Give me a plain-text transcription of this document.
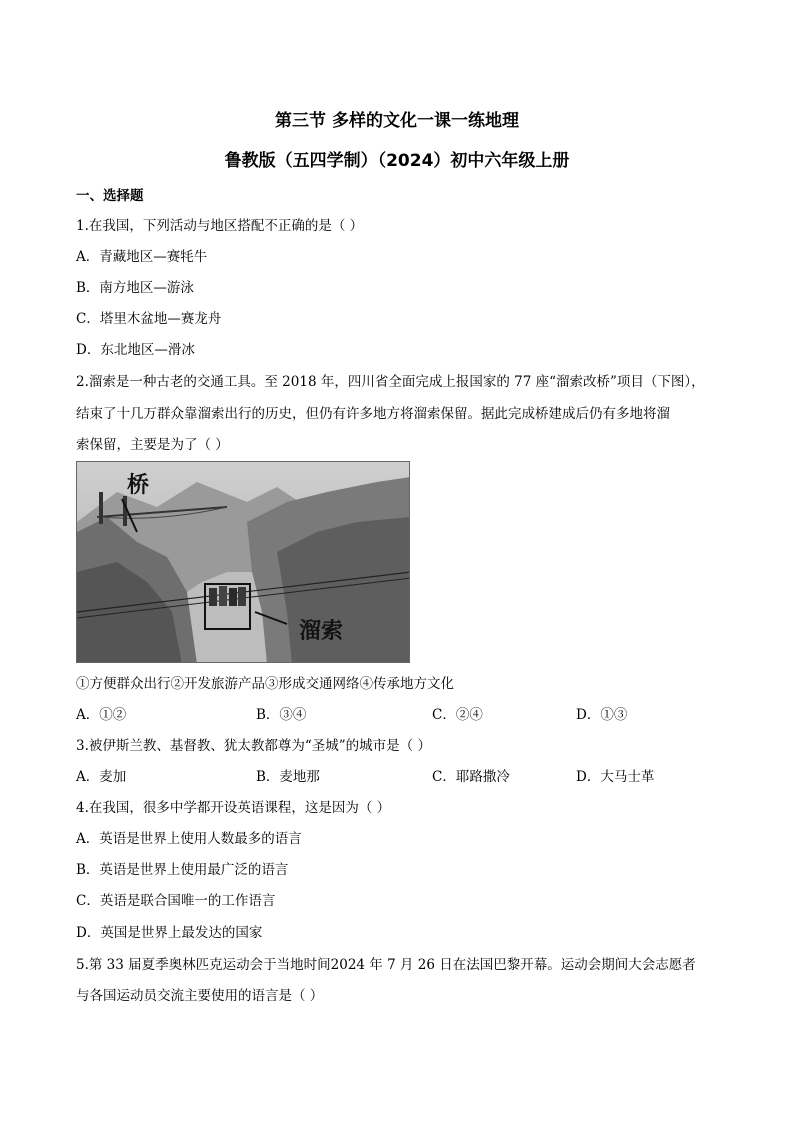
第三节 多样的文化一课一练地理
鲁教版（五四学制）（2024）初中六年级上册
一、选择题
1.在我国，下列活动与地区搭配不正确的是（ ）
A．青藏地区—赛牦牛
B．南方地区—游泳
C．塔里木盆地—赛龙舟
D．东北地区—滑冰
2.溜索是一种古老的交通工具。至 2018 年，四川省全面完成上报国家的 77 座“溜索改桥”项目（下图），
结束了十几万群众靠溜索出行的历史，但仍有许多地方将溜索保留。据此完成桥建成后仍有多地将溜
索保留，主要是为了（ ）
桥
溜索
①方便群众出行②开发旅游产品③形成交通网络④传承地方文化
A．①②	B．③④	C．②④	D．①③
3.被伊斯兰教、基督教、犹太教都尊为“圣城”的城市是（ ）
A．麦加	B．麦地那	C．耶路撒冷	D．大马士革
4.在我国，很多中学都开设英语课程，这是因为（ ）
A．英语是世界上使用人数最多的语言
B．英语是世界上使用最广泛的语言
C．英语是联合国唯一的工作语言
D．英国是世界上最发达的国家
5.第 33 届夏季奥林匹克运动会于当地时间2024 年 7 月 26 日在法国巴黎开幕。运动会期间大会志愿者
与各国运动员交流主要使用的语言是（ ）
